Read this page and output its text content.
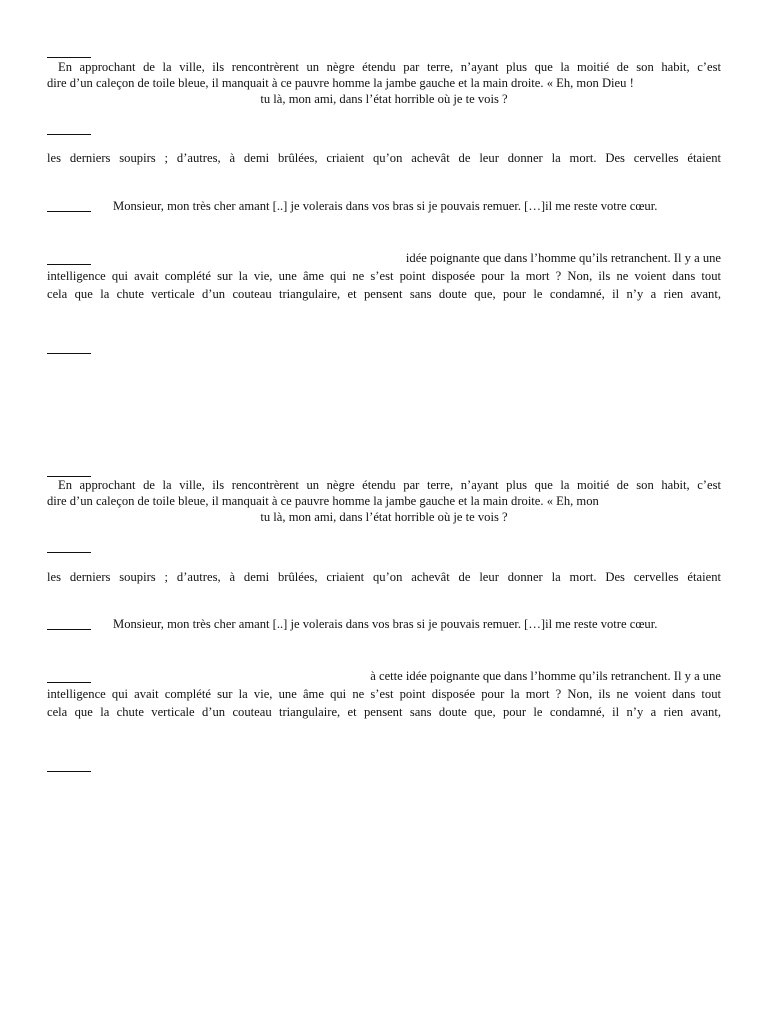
En approchant de la ville, ils rencontrèrent un nègre étendu par terre, n’ayant plus que la moitié de son habit, c’est
dire d’un caleçon de toile bleue, il manquait à ce pauvre homme la jambe gauche et la main droite. « Eh, mon Dieu !
tu là, mon ami, dans l’état horrible où je te vois ?
les derniers soupirs ; d’autres, à demi brûlées, criaient qu’on achevât de leur donner la mort. Des cervelles étaient
Monsieur, mon très cher amant [..] je volerais dans vos bras si je pouvais remuer. […]il me reste votre cœur.
idée poignante que dans l’homme qu’ils retranchent. Il y a une
intelligence qui avait complété sur la vie, une âme qui ne s’est point disposée pour la mort ? Non, ils ne voient dans tout
cela que la chute verticale d’un couteau triangulaire, et pensent sans doute que, pour le condamné, il n’y a rien avant,
En approchant de la ville, ils rencontrèrent un nègre étendu par terre, n’ayant plus que la moitié de son habit, c’est
dire d’un caleçon de toile bleue, il manquait à ce pauvre homme la jambe gauche et la main droite. « Eh, mon
tu là, mon ami, dans l’état horrible où je te vois ?
les derniers soupirs ; d’autres, à demi brûlées, criaient qu’on achevât de leur donner la mort. Des cervelles étaient
Monsieur, mon très cher amant [..] je volerais dans vos bras si je pouvais remuer. […]il me reste votre cœur.
à cette idée poignante que dans l’homme qu’ils retranchent. Il y a une
intelligence qui avait complété sur la vie, une âme qui ne s’est point disposée pour la mort ? Non, ils ne voient dans tout
cela que la chute verticale d’un couteau triangulaire, et pensent sans doute que, pour le condamné, il n’y a rien avant,
